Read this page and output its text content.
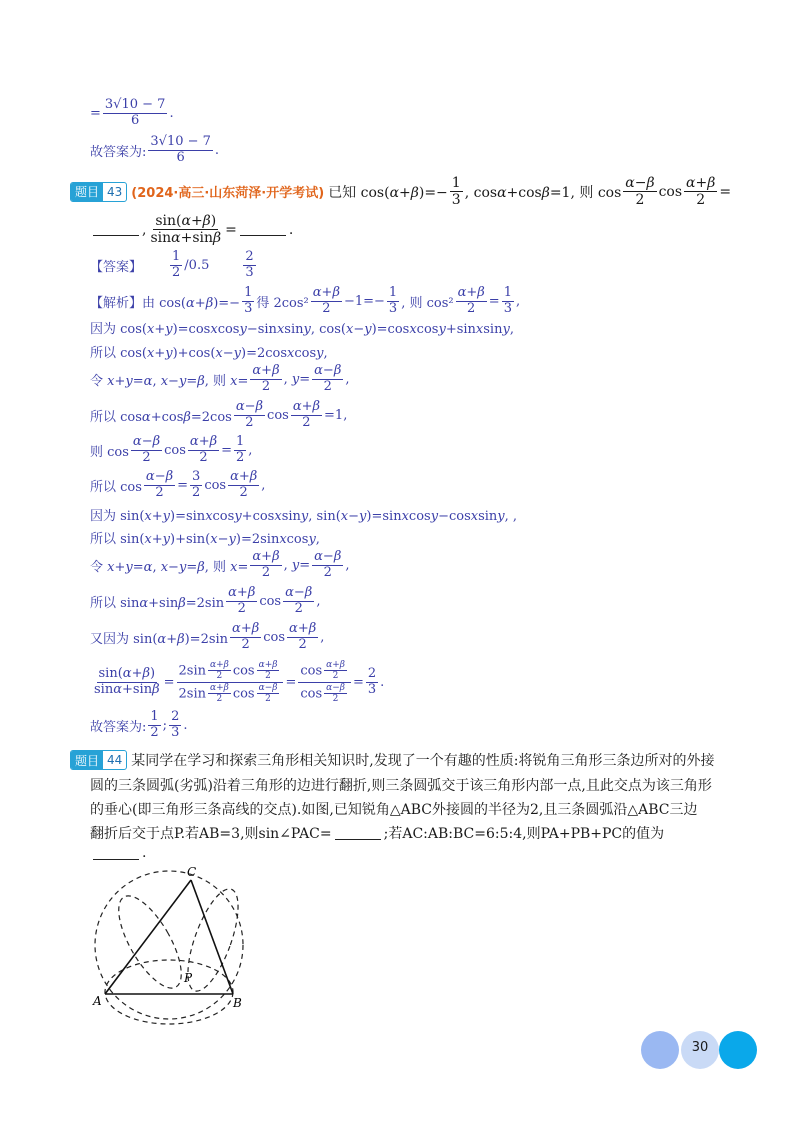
= $\frac{3√10 - 7}{6}$ .
故答案为: $\frac{3√10 - 7}{6}$ .
题目 43 (2024·高三·山东菏泽·开学考试) 已知 $\cos(\alpha+\beta)=- \frac{1}{3}$ , cosα+cosβ=1, 则 $\cos \frac{\alpha-\beta}{2}$ $\cos \frac{\alpha+\beta}{2}$ =
, $\frac{\sin(\alpha+\beta)}{\sin\alpha+\sin\beta}$ =	.
【答案】 $\frac{1}{2} /0.5$	$\frac{2}{3}$
【解析】 由 $\cos(\alpha+\beta)=- \frac{1}{3}$ 得 $2\cos^2 \frac{\alpha+\beta}{2} -1=- \frac{1}{3}$ , 则 $\cos^2 \frac{\alpha+\beta}{2} = \frac{1}{3}$ ,
因为 cos(x+y)=cosxcosy−sinxsiny, cos(x−y)=cosxcosy+sinxsiny,
所以 cos(x+y)+cos(x−y)=2cosxcosy,
令 x+y=α, x−y=β, 则 $x= \frac{\alpha+\beta}{2}$ , $y= \frac{\alpha-\beta}{2}$ ,
所以 $\cos\alpha+\cos\beta=2\cos \frac{\alpha-\beta}{2}$ $\cos \frac{\alpha+\beta}{2} =1$,
则 $\cos \frac{\alpha-\beta}{2}$ $\cos \frac{\alpha+\beta}{2} = \frac{1}{2}$ ,
所以 $\cos \frac{\alpha-\beta}{2} = \frac{3}{2}$ $\cos \frac{\alpha+\beta}{2}$ ,
因为 sin(x+y)=sinxcosy+cosxsiny, sin(x−y)=sinxcosy−cosxsiny, ,
所以 sin(x+y)+sin(x−y)=2sinxcosy,
令 x+y=α, x−y=β, 则 $x= \frac{\alpha+\beta}{2}$ , $y= \frac{\alpha-\beta}{2}$ ,
所以 $\sin\alpha+\sin\beta=2\sin \frac{\alpha+\beta}{2}$ $\cos \frac{\alpha-\beta}{2}$ ,
又因为 $\sin(\alpha+\beta)=2\sin \frac{\alpha+\beta}{2}$ $\cos \frac{\alpha+\beta}{2}$ ,
$\frac{\sin(\alpha+\beta)}{\sin\alpha+\sin\beta} = \frac{2\sin \frac{\alpha+\beta}{2} \cos \frac{\alpha+\beta}{2}}{2\sin \frac{\alpha+\beta}{2} \cos \frac{\alpha-\beta}{2}} = \frac{\cos \frac{\alpha+\beta}{2}}{\cos \frac{\alpha-\beta}{2}} = \frac{2}{3}$ .
故答案为: $\frac{1}{2}$ ; $\frac{2}{3}$ .
题目 44 某同学在学习和探索三角形相关知识时,发现了一个有趣的性质:将锐角三角形三条边所对的外接
圆的三条圆弧(劣弧)沿着三角形的边进行翻折,则三条圆弧交于该三角形内部一点,且此交点为该三角形
的垂心(即三角形三条高线的交点).如图,已知锐角△ABC外接圆的半径为2,且三条圆弧沿△ABC三边
翻折后交于点P.若AB=3,则sin∠PAC=	;若AC:AB:BC=6:5:4,则PA+PB+PC的值为
.
A	B
C
P
30
